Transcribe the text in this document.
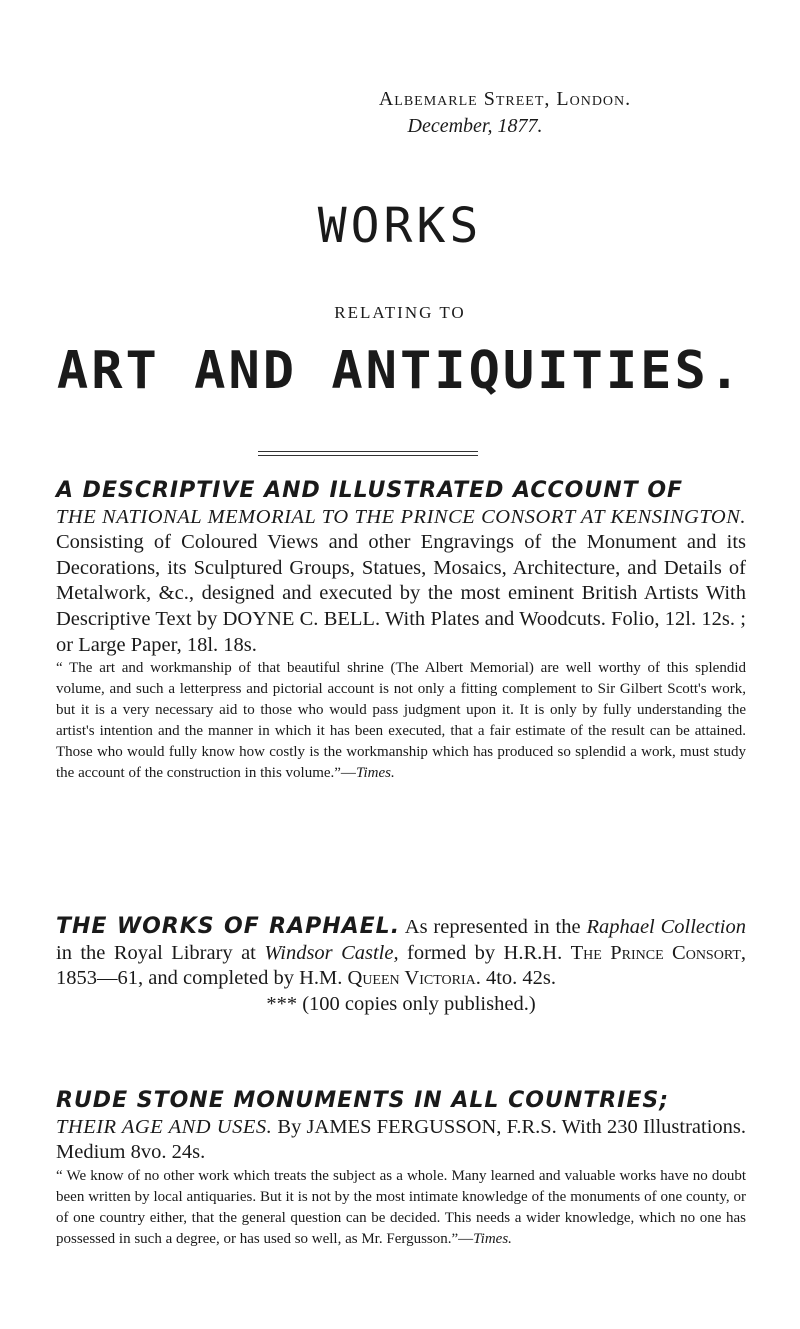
Albemarle Street, London.
December, 1877.
WORKS
RELATING TO
ART AND ANTIQUITIES.

A DESCRIPTIVE AND ILLUSTRATED ACCOUNT OF
THE NATIONAL MEMORIAL TO THE PRINCE CONSORT AT KENSINGTON. Consisting of Coloured Views and other Engravings of the Monument and its Decorations, its Sculptured Groups, Statues, Mosaics, Architecture, and Details of Metalwork, &c., designed and executed by the most eminent British Artists With Descriptive Text by DOYNE C. BELL. With Plates and Woodcuts. Folio, 12l. 12s. ; or Large Paper, 18l. 18s.

“ The art and workmanship of that beautiful shrine (The Albert Memorial) are well worthy of this splendid volume, and such a letterpress and pictorial account is not only a fitting complement to Sir Gilbert Scott's work, but it is a very necessary aid to those who would pass judgment upon it. It is only by fully understanding the artist's intention and the manner in which it has been executed, that a fair estimate of the result can be attained. Those who would fully know how costly is the workmanship which has produced so splendid a work, must study the account of the construction in this volume.”—Times.

THE WORKS OF RAPHAEL. As represented in the Raphael Collection in the Royal Library at Windsor Castle, formed by H.R.H. The Prince Consort, 1853—61, and completed by H.M. Queen Victoria. 4to. 42s.

*** (100 copies only published.)

RUDE STONE MONUMENTS IN ALL COUNTRIES;
THEIR AGE AND USES. By JAMES FERGUSSON, F.R.S. With 230 Illustrations. Medium 8vo. 24s.

“ We know of no other work which treats the subject as a whole. Many learned and valuable works have no doubt been written by local antiquaries. But it is not by the most intimate knowledge of the monuments of one county, or of one country either, that the general question can be decided. This needs a wider knowledge, which no one has possessed in such a degree, or has used so well, as Mr. Fergusson.”—Times.
